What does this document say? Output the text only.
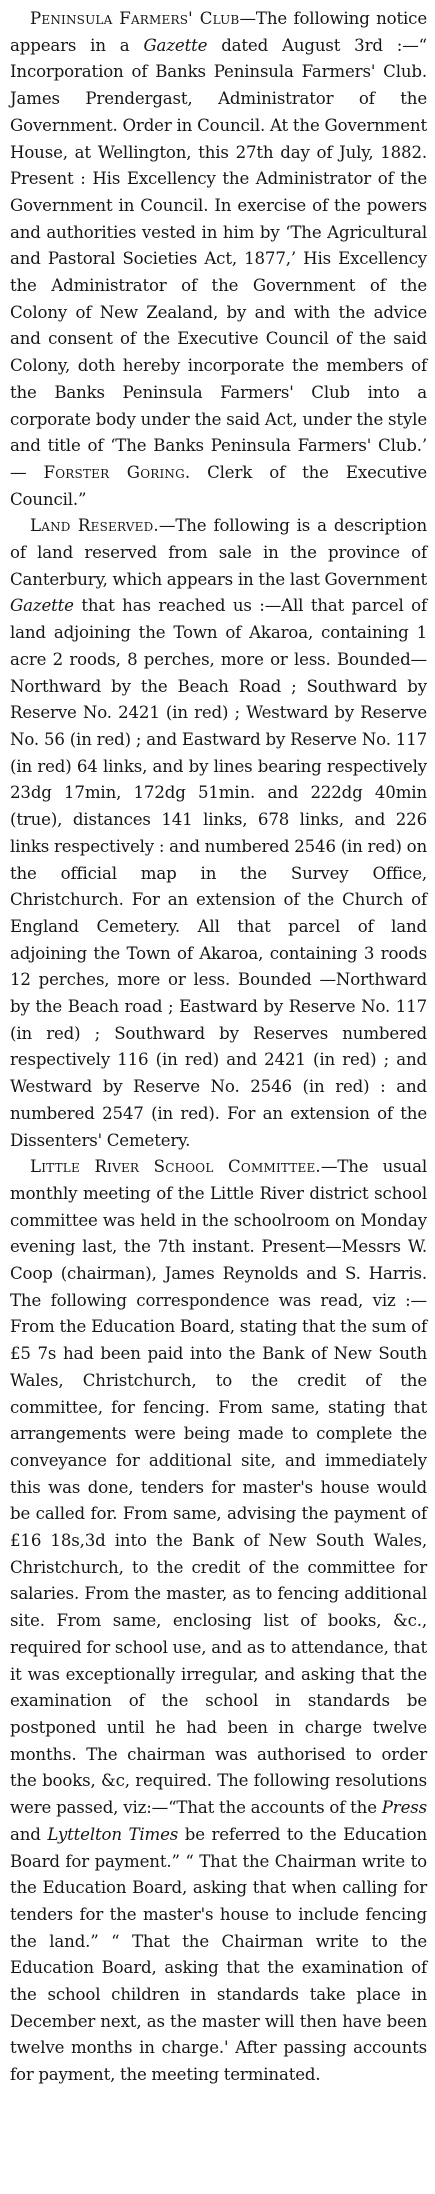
Peninsula Farmers' Club—The following notice appears in a Gazette dated August 3rd :—“ Incorporation of Banks Peninsula Farmers' Club. James Prendergast, Administrator of the Government. Order in Council. At the Government House, at Wellington, this 27th day of July, 1882. Present : His Excellency the Administrator of the Government in Council. In exercise of the powers and authorities vested in him by ‘The Agricultural and Pastoral Societies Act, 1877,’ His Excellency the Administrator of the Government of the Colony of New Zealand, by and with the advice and consent of the Executive Council of the said Colony, doth hereby incorporate the members of the Banks Peninsula Farmers' Club into a corporate body under the said Act, under the style and title of ‘The Banks Peninsula Farmers' Club.’ — Forster Goring. Clerk of the Executive Council.”

Land Reserved.—The following is a description of land reserved from sale in the province of Canterbury, which appears in the last Government Gazette that has reached us :—All that parcel of land adjoining the Town of Akaroa, containing 1 acre 2 roods, 8 perches, more or less. Bounded—Northward by the Beach Road ; Southward by Reserve No. 2421 (in red) ; Westward by Reserve No. 56 (in red) ; and Eastward by Reserve No. 117 (in red) 64 links, and by lines bearing respectively 23dg 17min, 172dg 51min. and 222dg 40min (true), distances 141 links, 678 links, and 226 links respectively : and numbered 2546 (in red) on the official map in the Survey Office, Christchurch. For an extension of the Church of England Cemetery. All that parcel of land adjoining the Town of Akaroa, containing 3 roods 12 perches, more or less. Bounded —Northward by the Beach road ; Eastward by Reserve No. 117 (in red) ; Southward by Reserves numbered respectively 116 (in red) and 2421 (in red) ; and Westward by Reserve No. 2546 (in red) : and numbered 2547 (in red). For an extension of the Dissenters' Cemetery.

Little River School Committee.—The usual monthly meeting of the Little River district school committee was held in the schoolroom on Monday evening last, the 7th instant. Present—Messrs W. Coop (chairman), James Reynolds and S. Harris. The following correspondence was read, viz :— From the Education Board, stating that the sum of £5 7s had been paid into the Bank of New South Wales, Christchurch, to the credit of the committee, for fencing. From same, stating that arrangements were being made to complete the conveyance for additional site, and immediately this was done, tenders for master's house would be called for. From same, advising the payment of £16 18s,3d into the Bank of New South Wales, Christchurch, to the credit of the committee for salaries. From the master, as to fencing additional site. From same, enclosing list of books, &c., required for school use, and as to attendance, that it was exceptionally irregular, and asking that the examination of the school in standards be postponed until he had been in charge twelve months. The chairman was authorised to order the books, &c, required. The following resolutions were passed, viz:—“That the accounts of the Press and Lyttelton Times be referred to the Education Board for payment.” “ That the Chairman write to the Education Board, asking that when calling for tenders for the master's house to include fencing the land.” “ That the Chairman write to the Education Board, asking that the examination of the school children in standards take place in December next, as the master will then have been twelve months in charge.' After passing accounts for payment, the meeting terminated.
